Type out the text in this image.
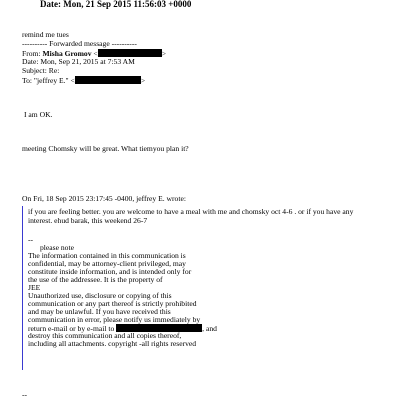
Date: Mon, 21 Sep 2015 11:56:03 +0000
remind me tues
---------- Forwarded message ----------
From: Misha Gromov <	>
Date: Mon, Sep 21, 2015 at 7:53 AM
Subject: Re:
To: "jeffrey E." <	>
I am OK.
meeting Chomsky will be great. What tiemyou plan it?
On Fri, 18 Sep 2015 23:17:45 -0400, jeffrey E. wrote:
if you are feeling better. you are welcome to have a meal with me and chomsky oct 4-6 . or if you have any
interest. ehud barak, this weekend 26-7
--
please note
The information contained in this communication is
confidential, may be attorney-client privileged, may
constitute inside information, and is intended only for
the use of the addressee. It is the property of
JEE
Unauthorized use, disclosure or copying of this
communication or any part thereof is strictly prohibited
and may be unlawful. If you have received this
communication in error, please notify us immediately by
return e-mail or by e-mail to	, and
destroy this communication and all copies thereof,
including all attachments. copyright -all rights reserved
--
